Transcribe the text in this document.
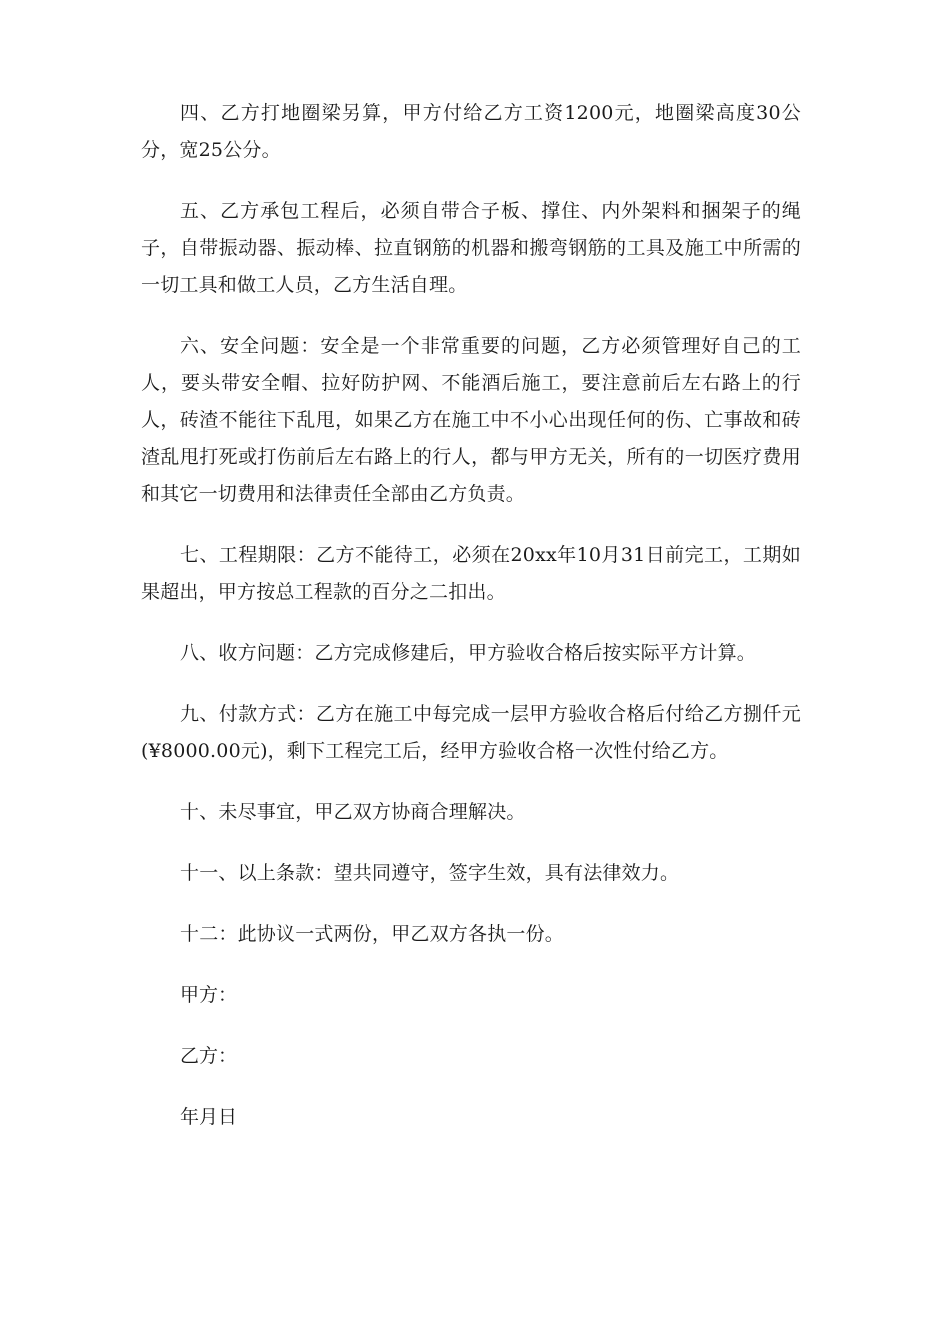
四、乙方打地圈梁另算，甲方付给乙方工资1200元，地圈梁高度30公分，宽25公分。

五、乙方承包工程后，必须自带合子板、撑住、内外架料和捆架子的绳子，自带振动器、振动棒、拉直钢筋的机器和搬弯钢筋的工具及施工中所需的一切工具和做工人员，乙方生活自理。

六、安全问题：安全是一个非常重要的问题，乙方必须管理好自己的工人，要头带安全帽、拉好防护网、不能酒后施工，要注意前后左右路上的行人，砖渣不能往下乱甩，如果乙方在施工中不小心出现任何的伤、亡事故和砖渣乱甩打死或打伤前后左右路上的行人，都与甲方无关，所有的一切医疗费用和其它一切费用和法律责任全部由乙方负责。

七、工程期限：乙方不能待工，必须在20xx年10月31日前完工，工期如果超出，甲方按总工程款的百分之二扣出。

八、收方问题：乙方完成修建后，甲方验收合格后按实际平方计算。

九、付款方式：乙方在施工中每完成一层甲方验收合格后付给乙方捌仟元(¥8000.00元)，剩下工程完工后，经甲方验收合格一次性付给乙方。

十、未尽事宜，甲乙双方协商合理解决。

十一、以上条款：望共同遵守，签字生效，具有法律效力。

十二：此协议一式两份，甲乙双方各执一份。

甲方：

乙方：

年月日
